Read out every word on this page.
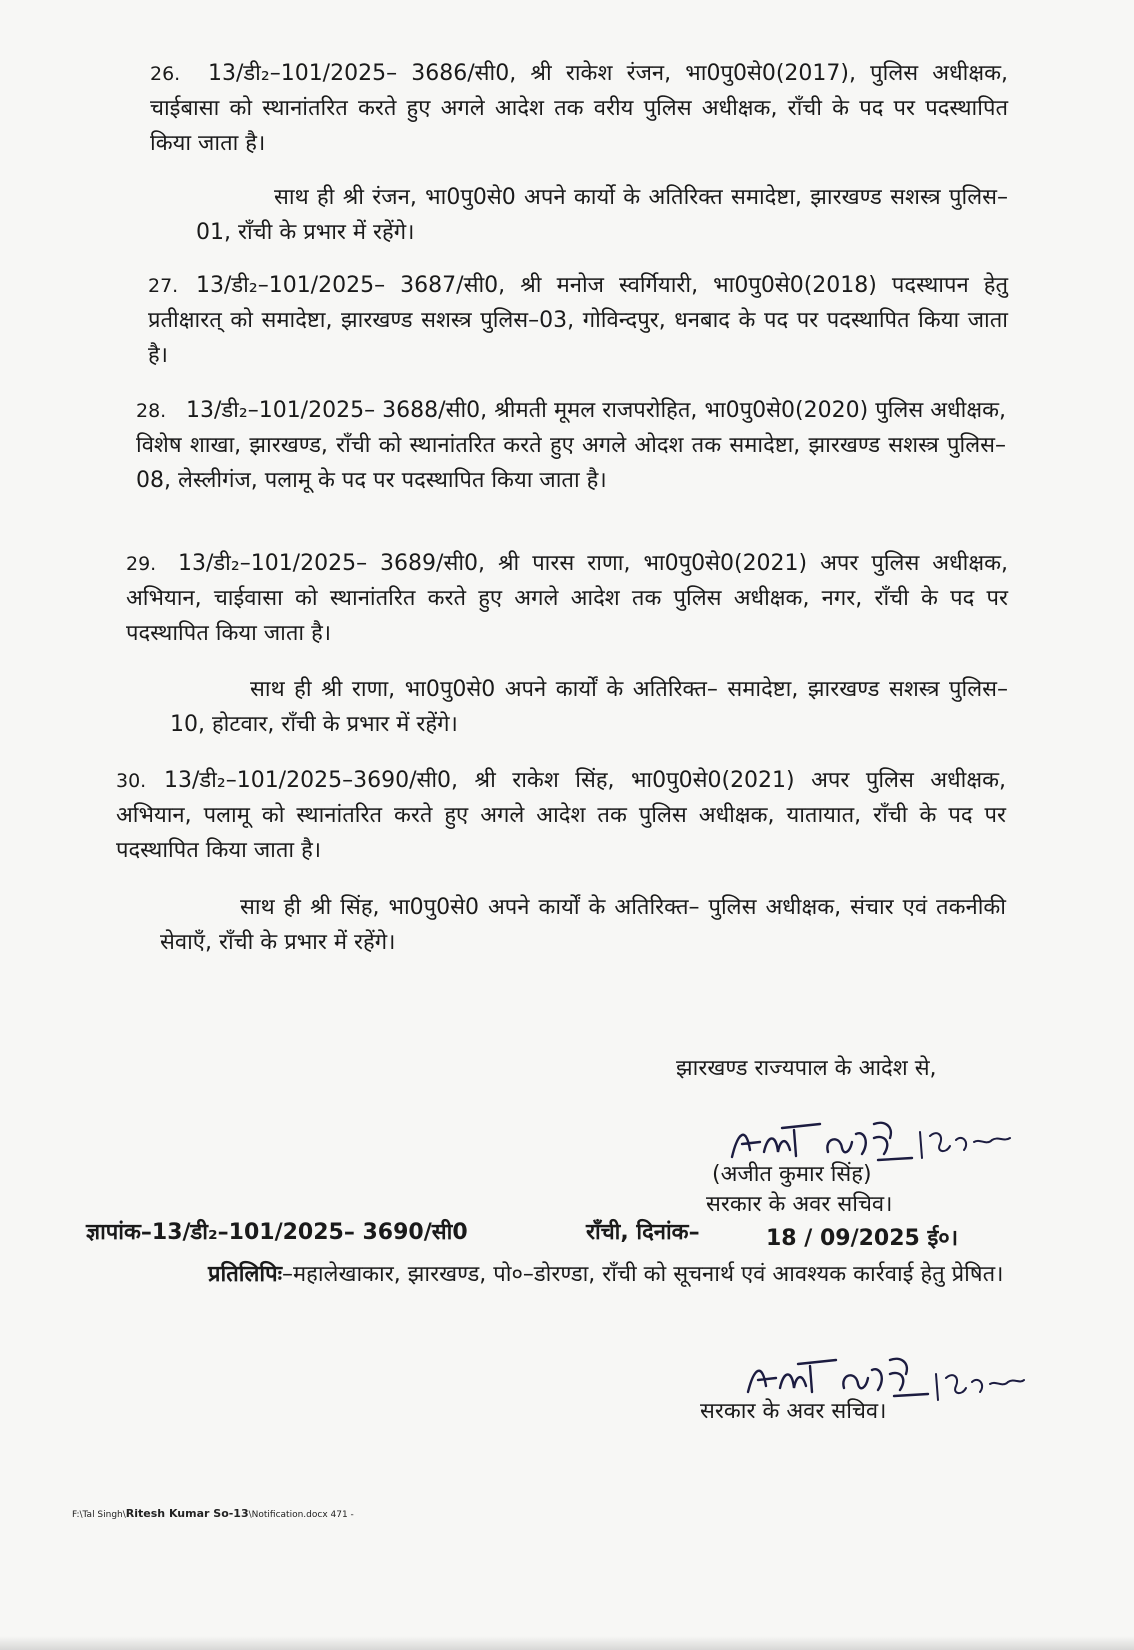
26.	13/डी₂–101/2025– 3686/सी0, श्री राकेश रंजन, भा0पु0से0(2017), पुलिस अधीक्षक, चाईबासा को स्थानांतरित करते हुए अगले आदेश तक वरीय पुलिस अधीक्षक, राँची के पद पर पदस्थापित किया जाता है।

साथ ही श्री रंजन, भा0पु0से0 अपने कार्यो के अतिरिक्त समादेष्टा, झारखण्ड सशस्त्र पुलिस–01, राँची के प्रभार में रहेंगे।

27. 13/डी₂–101/2025– 3687/सी0, श्री मनोज स्वर्गियारी, भा0पु0से0(2018) पदस्थापन हेतु प्रतीक्षारत् को समादेष्टा, झारखण्ड सशस्त्र पुलिस–03, गोविन्दपुर, धनबाद के पद पर पदस्थापित किया जाता है।

28. 13/डी₂–101/2025– 3688/सी0, श्रीमती मूमल राजपरोहित, भा0पु0से0(2020) पुलिस अधीक्षक, विशेष शाखा, झारखण्ड, राँची को स्थानांतरित करते हुए अगले ओदश तक समादेष्टा, झारखण्ड सशस्त्र पुलिस–08, लेस्लीगंज, पलामू के पद पर पदस्थापित किया जाता है।

29. 13/डी₂–101/2025– 3689/सी0, श्री पारस राणा, भा0पु0से0(2021) अपर पुलिस अधीक्षक, अभियान, चाईवासा को स्थानांतरित करते हुए अगले आदेश तक पुलिस अधीक्षक, नगर, राँची के पद पर पदस्थापित किया जाता है।

साथ ही श्री राणा, भा0पु0से0 अपने कार्यों के अतिरिक्त– समादेष्टा, झारखण्ड सशस्त्र पुलिस–10, होटवार, राँची के प्रभार में रहेंगे।

30. 13/डी₂–101/2025–3690/सी0, श्री राकेश सिंह, भा0पु0से0(2021) अपर पुलिस अधीक्षक, अभियान, पलामू को स्थानांतरित करते हुए अगले आदेश तक पुलिस अधीक्षक, यातायात, राँची के पद पर पदस्थापित किया जाता है।

साथ ही श्री सिंह, भा0पु0से0 अपने कार्यों के अतिरिक्त– पुलिस अधीक्षक, संचार एवं तकनीकी सेवाएँ, राँची के प्रभार में रहेंगे।

झारखण्ड राज्यपाल के आदेश से,
अजीत कु0 सिंह 18/09/25
(अजीत कुमार सिंह)
सरकार के अवर सचिव।
ज्ञापांक–13/डी₂–101/2025– 3690/सी0	राँची, दिनांक–	18 / 09/2025 ई०।

प्रतिलिपिः–महालेखाकार, झारखण्ड, पो०–डोरण्डा, राँची को सूचनार्थ एवं आवश्यक कार्रवाई हेतु प्रेषित।

अजीत कु0 सिंह 18/09/25
सरकार के अवर सचिव।
F:\Tal Singh\Ritesh Kumar So-13\Notification.docx 471 -
